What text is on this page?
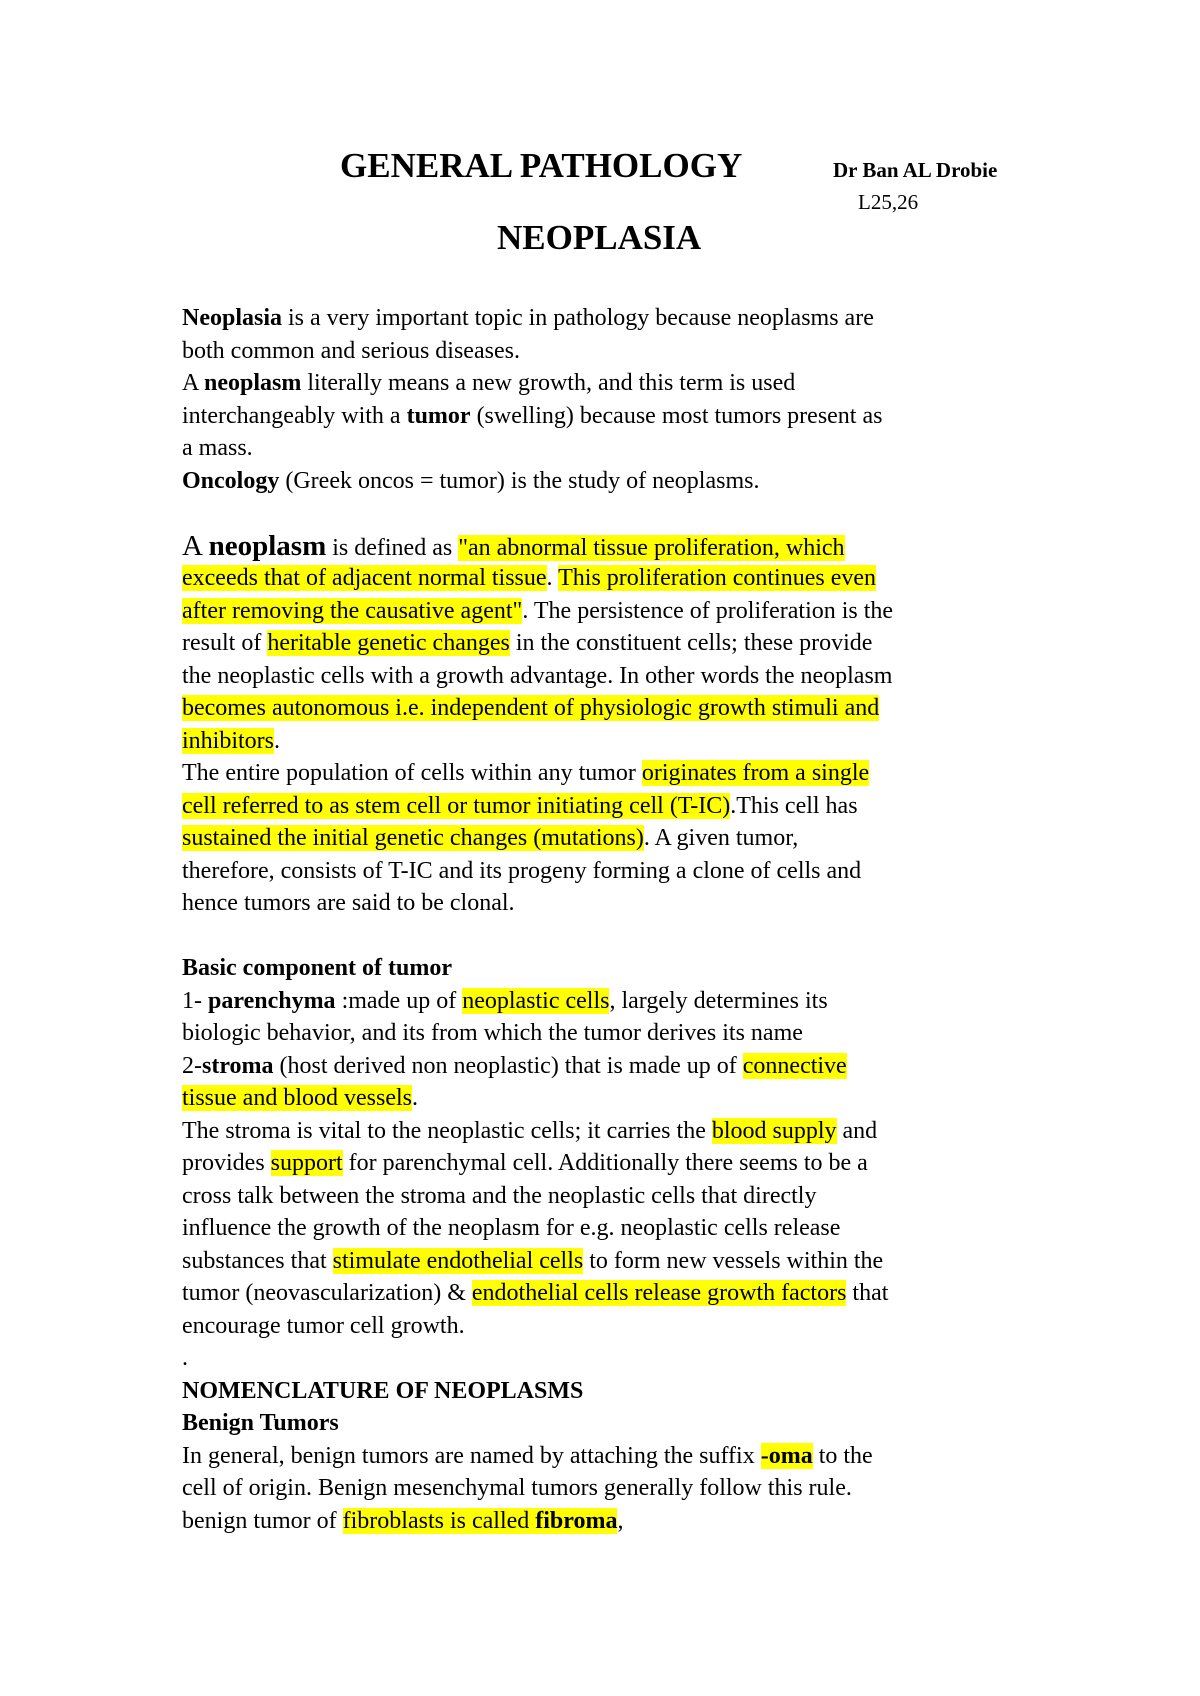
GENERAL PATHOLOGY	Dr Ban AL Drobie
L25,26
NEOPLASIA
Neoplasia is a very important topic in pathology because neoplasms are
both common and serious diseases.
A neoplasm literally means a new growth, and this term is used
interchangeably with a tumor (swelling) because most tumors present as
a mass.
Oncology (Greek oncos = tumor) is the study of neoplasms.
A neoplasm is defined as "an abnormal tissue proliferation, which
exceeds that of adjacent normal tissue. This proliferation continues even
after removing the causative agent". The persistence of proliferation is the
result of heritable genetic changes in the constituent cells; these provide
the neoplastic cells with a growth advantage. In other words the neoplasm
becomes autonomous i.e. independent of physiologic growth stimuli and
inhibitors.
The entire population of cells within any tumor originates from a single
cell referred to as stem cell or tumor initiating cell (T-IC).This cell has
sustained the initial genetic changes (mutations). A given tumor,
therefore, consists of T-IC and its progeny forming a clone of cells and
hence tumors are said to be clonal.
Basic component of tumor
1- parenchyma :made up of neoplastic cells, largely determines its
biologic behavior, and its from which the tumor derives its name
2-stroma (host derived non neoplastic) that is made up of connective
tissue and blood vessels.
The stroma is vital to the neoplastic cells; it carries the blood supply and
provides support for parenchymal cell. Additionally there seems to be a
cross talk between the stroma and the neoplastic cells that directly
influence the growth of the neoplasm for e.g. neoplastic cells release
substances that stimulate endothelial cells to form new vessels within the
tumor (neovascularization) & endothelial cells release growth factors that
encourage tumor cell growth.
.
NOMENCLATURE OF NEOPLASMS
Benign Tumors
In general, benign tumors are named by attaching the suffix -oma to the
cell of origin. Benign mesenchymal tumors generally follow this rule.
benign tumor of fibroblasts is called fibroma,
